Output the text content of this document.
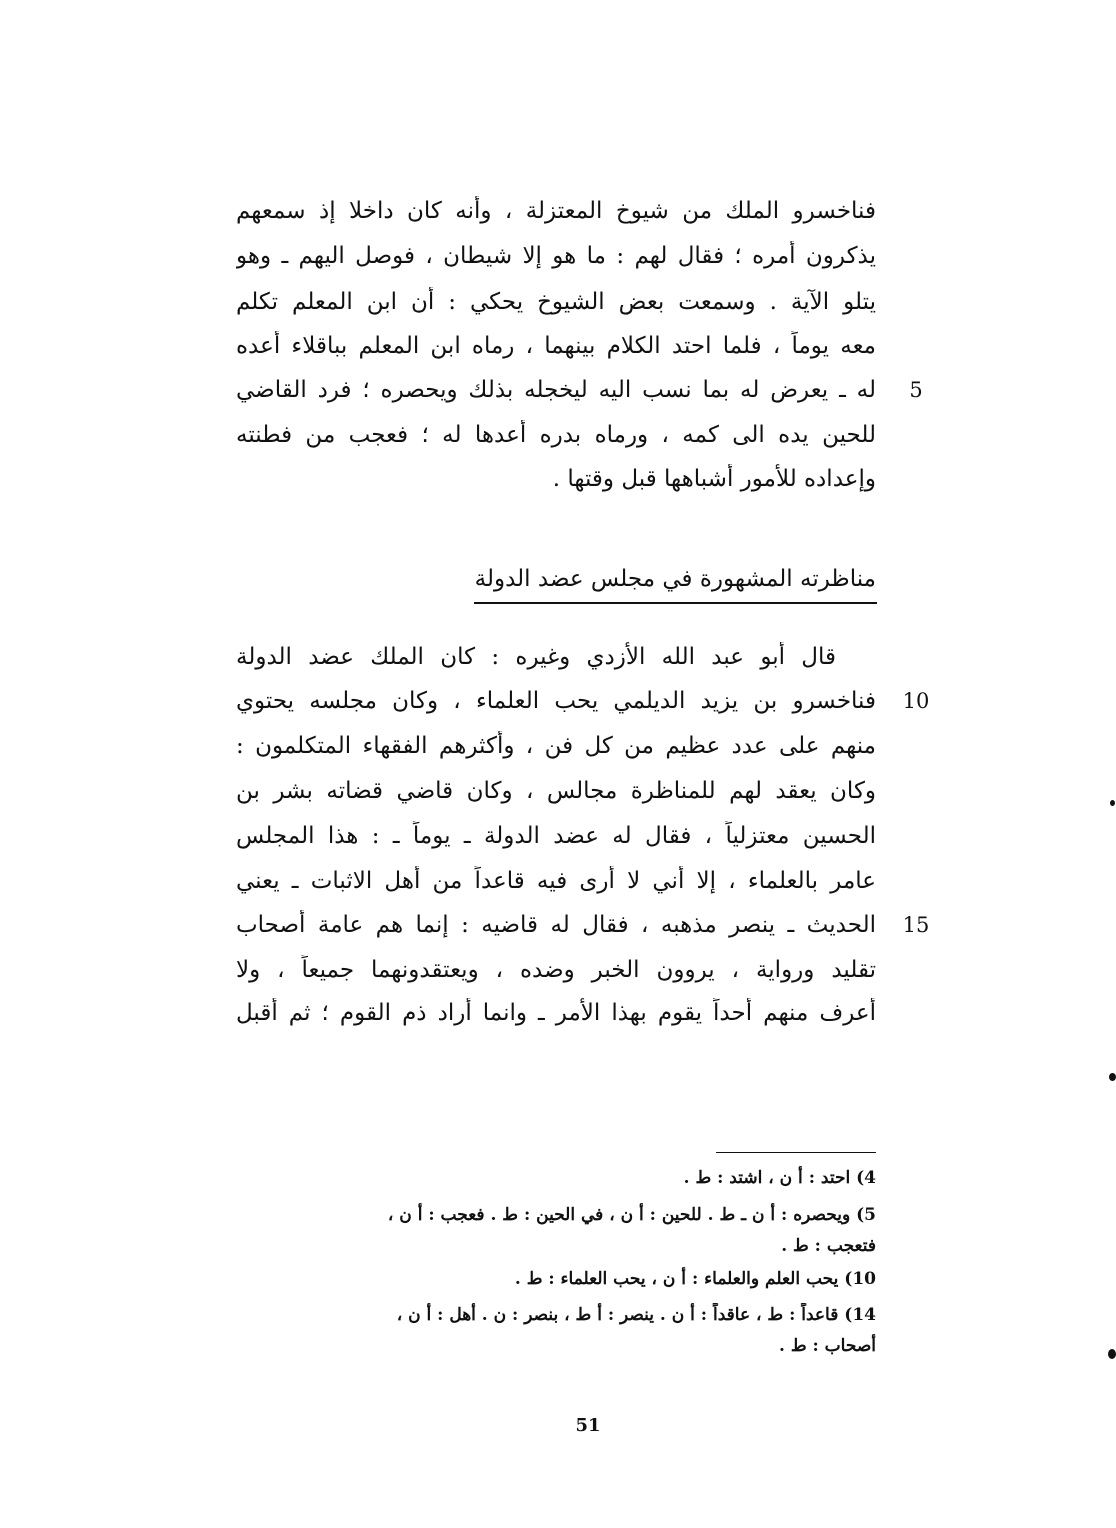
فناخسرو الملك من شيوخ المعتزلة ، وأنه كان داخلا إذ سمعهم
يذكرون أمره ؛ فقال لهم : ما هو إلا شيطان ، فوصل اليهم ـ وهو
يتلو الآية . وسمعت بعض الشيوخ يحكي : أن ابن المعلم تكلم
معه يوماً ، فلما احتد الكلام بينهما ، رماه ابن المعلم بباقلاء أعده
له ـ يعرض له بما نسب اليه ليخجله بذلك ويحصره ؛ فرد القاضي	5
للحين يده الى كمه ، ورماه بدره أعدها له ؛ فعجب من فطنته
وإعداده للأمور أشباهها قبل وقتها .
مناظرته المشهورة في مجلس عضد الدولة
قال أبو عبد الله الأزدي وغيره : كان الملك عضد الدولة
فناخسرو بن يزيد الديلمي يحب العلماء ، وكان مجلسه يحتوي	10
منهم على عدد عظيم من كل فن ، وأكثرهم الفقهاء المتكلمون :
وكان يعقد لهم للمناظرة مجالس ، وكان قاضي قضاته بشر بن
الحسين معتزلياً ، فقال له عضد الدولة ـ يوماً ـ : هذا المجلس
عامر بالعلماء ، إلا أني لا أرى فيه قاعداً من أهل الاثبات ـ يعني
الحديث ـ ينصر مذهبه ، فقال له قاضيه : إنما هم عامة أصحاب	15
تقليد ورواية ، يروون الخبر وضده ، ويعتقدونهما جميعاً ، ولا
أعرف منهم أحداً يقوم بهذا الأمر ـ وانما أراد ذم القوم ؛ ثم أقبل
4) احتد : أ ن ، اشتد : ط .
5) ويحصره : أ ن ـ ط . للحين : أ ن ، في الحين : ط . فعجب : أ ن ،
فتعجب : ط .
10) يحب العلم والعلماء : أ ن ، يحب العلماء : ط .
14) قاعداً : ط ، عاقداً : أ ن . ينصر : أ ط ، بنصر : ن . أهل : أ ن ،
أصحاب : ط .
51
